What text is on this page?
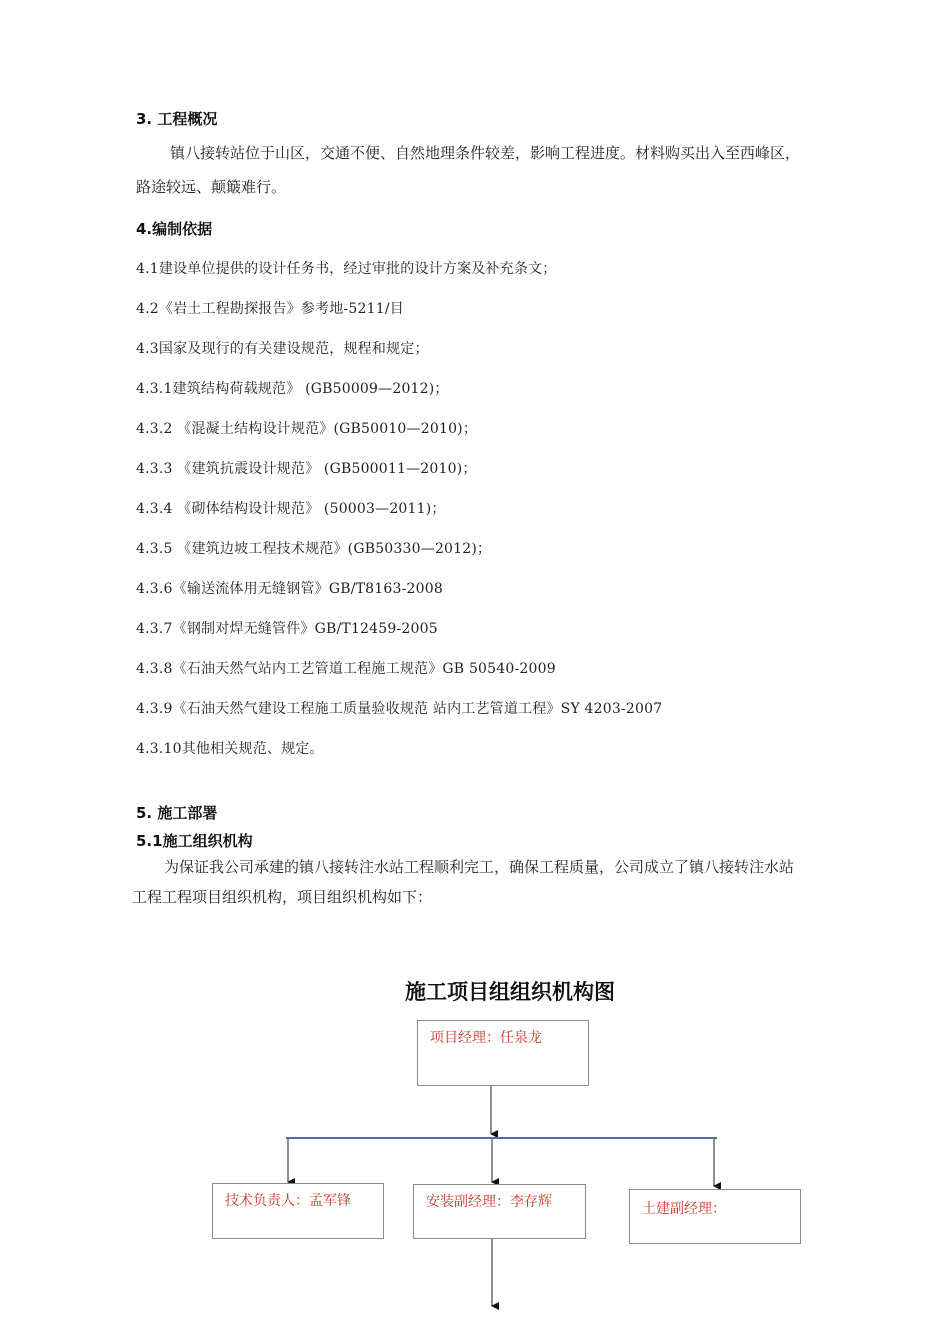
3. 工程概况
镇八接转站位于山区，交通不便、自然地理条件较差，影响工程进度。材料购买出入至西峰区，
路途较远、颠簸难行。
4.编制依据
4.1建设单位提供的设计任务书，经过审批的设计方案及补充条文；
4.2《岩土工程勘探报告》参考地-5211/目
4.3国家及现行的有关建设规范，规程和规定；
4.3.1建筑结构荷载规范》 (GB50009—2012)；
4.3.2 《混凝土结构设计规范》(GB50010—2010)；
4.3.3 《建筑抗震设计规范》 (GB500011—2010)；
4.3.4 《砌体结构设计规范》 (50003—2011)；
4.3.5 《建筑边坡工程技术规范》(GB50330—2012)；
4.3.6《输送流体用无缝钢管》GB/T8163-2008
4.3.7《钢制对焊无缝管件》GB/T12459-2005
4.3.8《石油天然气站内工艺管道工程施工规范》GB 50540-2009
4.3.9《石油天然气建设工程施工质量验收规范 站内工艺管道工程》SY 4203-2007
4.3.10其他相关规范、规定。
5. 施工部署
5.1施工组织机构
为保证我公司承建的镇八接转注水站工程顺利完工，确保工程质量，公司成立了镇八接转注水站
工程工程项目组织机构，项目组织机构如下：
施工项目组组织机构图
项目经理：任泉龙
技术负责人：孟军锋	安装副经理：李存辉	土建副经理：
